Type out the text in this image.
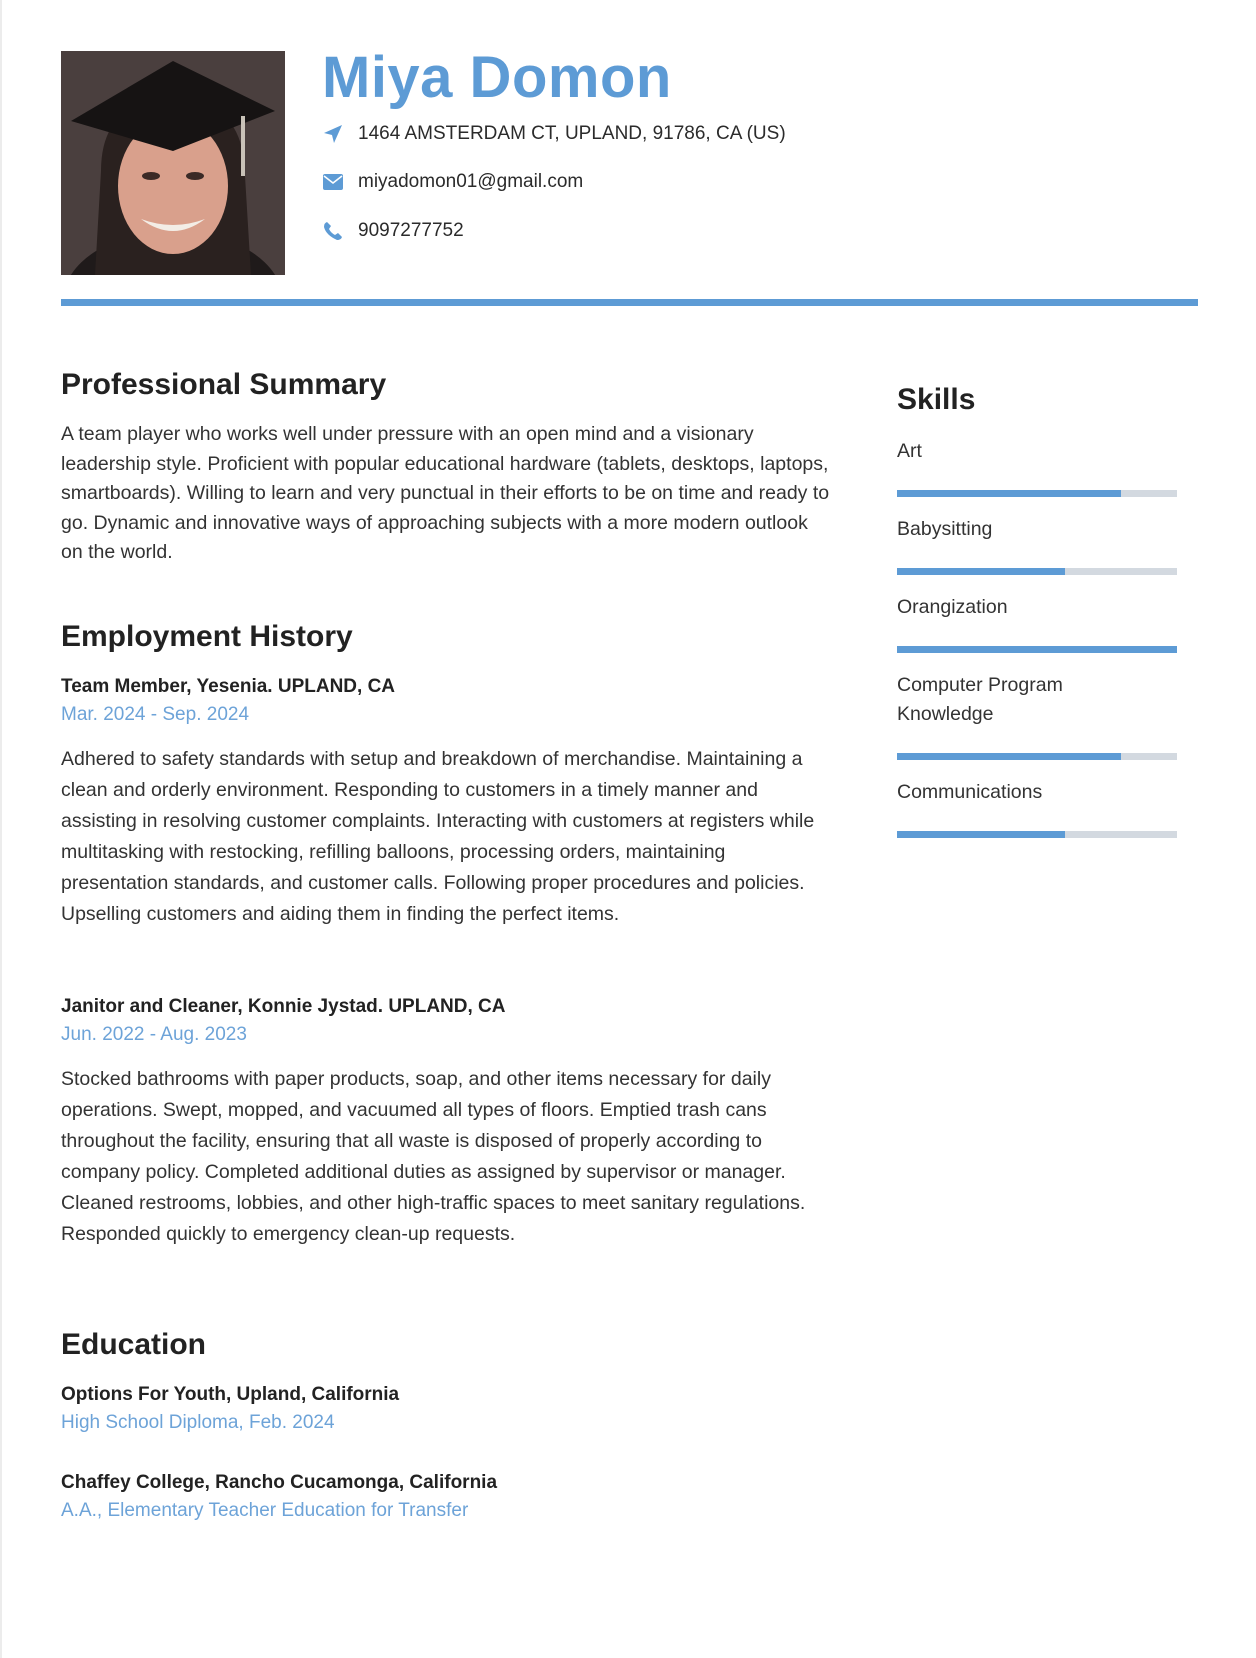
Miya Domon
1464 AMSTERDAM CT, UPLAND, 91786, CA (US)
miyadomon01@gmail.com
9097277752
Professional Summary

A team player who works well under pressure with an open mind and a visionary leadership style. Proficient with popular educational hardware (tablets, desktops, laptops, smartboards). Willing to learn and very punctual in their efforts to be on time and ready to go. Dynamic and innovative ways of approaching subjects with a more modern outlook on the world.

Employment History
Team Member, Yesenia. UPLAND, CA
Mar. 2024 - Sep. 2024
Adhered to safety standards with setup and breakdown of merchandise. Maintaining a clean and orderly environment. Responding to customers in a timely manner and assisting in resolving customer complaints. Interacting with customers at registers while multitasking with restocking, refilling balloons, processing orders, maintaining presentation standards, and customer calls. Following proper procedures and policies. Upselling customers and aiding them in finding the perfect items.
Janitor and Cleaner, Konnie Jystad. UPLAND, CA
Jun. 2022 - Aug. 2023
Stocked bathrooms with paper products, soap, and other items necessary for daily operations. Swept, mopped, and vacuumed all types of floors. Emptied trash cans throughout the facility, ensuring that all waste is disposed of properly according to company policy. Completed additional duties as assigned by supervisor or manager. Cleaned restrooms, lobbies, and other high-traffic spaces to meet sanitary regulations. Responded quickly to emergency clean-up requests.
Education
Options For Youth, Upland, California
High School Diploma, Feb. 2024
Chaffey College, Rancho Cucamonga, California
A.A., Elementary Teacher Education for Transfer
Skills
Art
Babysitting
Orangization
Computer Program Knowledge
Communications
